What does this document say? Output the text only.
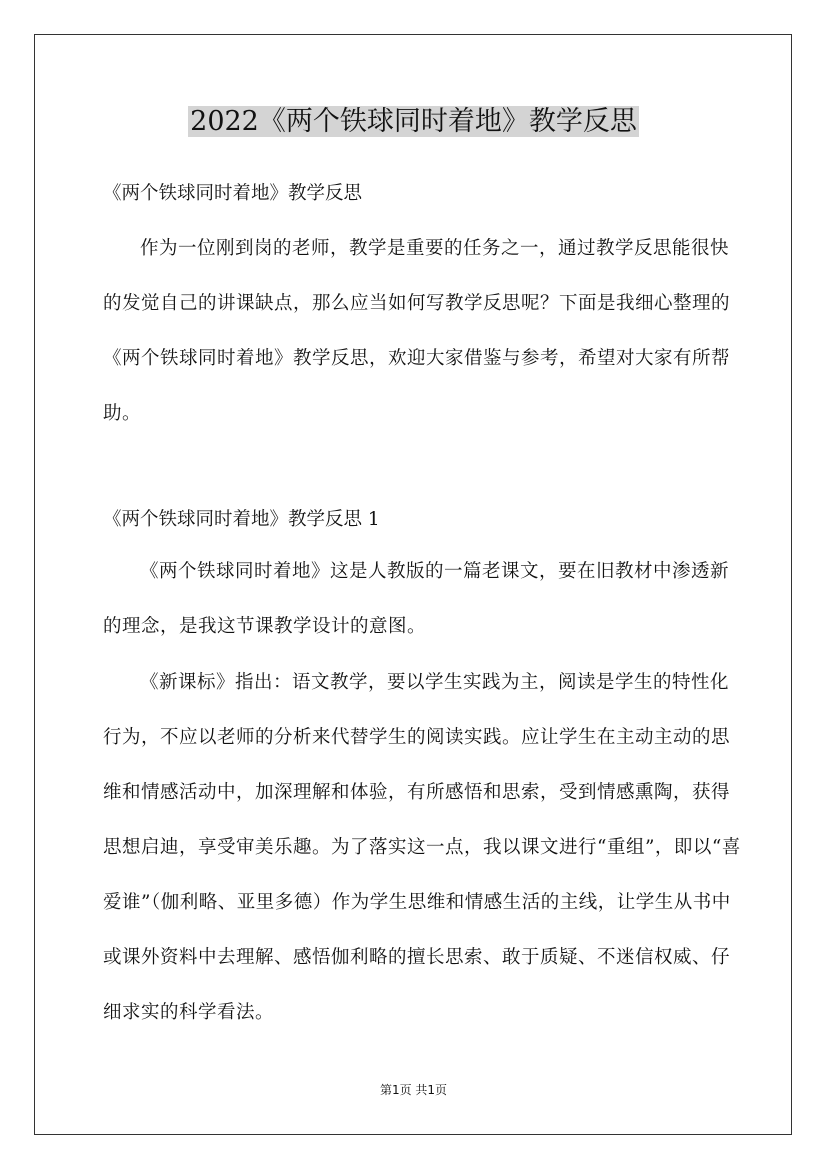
2022《两个铁球同时着地》教学反思

《两个铁球同时着地》教学反思

作为一位刚到岗的老师，教学是重要的任务之一，通过教学反思能很快的发觉自己的讲课缺点，那么应当如何写教学反思呢？下面是我细心整理的《两个铁球同时着地》教学反思，欢迎大家借鉴与参考，希望对大家有所帮助。

《两个铁球同时着地》教学反思 1

《两个铁球同时着地》这是人教版的一篇老课文，要在旧教材中渗透新的理念，是我这节课教学设计的意图。

《新课标》指出：语文教学，要以学生实践为主，阅读是学生的特性化行为，不应以老师的分析来代替学生的阅读实践。应让学生在主动主动的思维和情感活动中，加深理解和体验，有所感悟和思索，受到情感熏陶，获得思想启迪，享受审美乐趣。为了落实这一点，我以课文进行“重组”，即以“喜爱谁”（伽利略、亚里多德）作为学生思维和情感生活的主线，让学生从书中或课外资料中去理解、感悟伽利略的擅长思索、敢于质疑、不迷信权威、仔细求实的科学看法。

第1页 共1页
